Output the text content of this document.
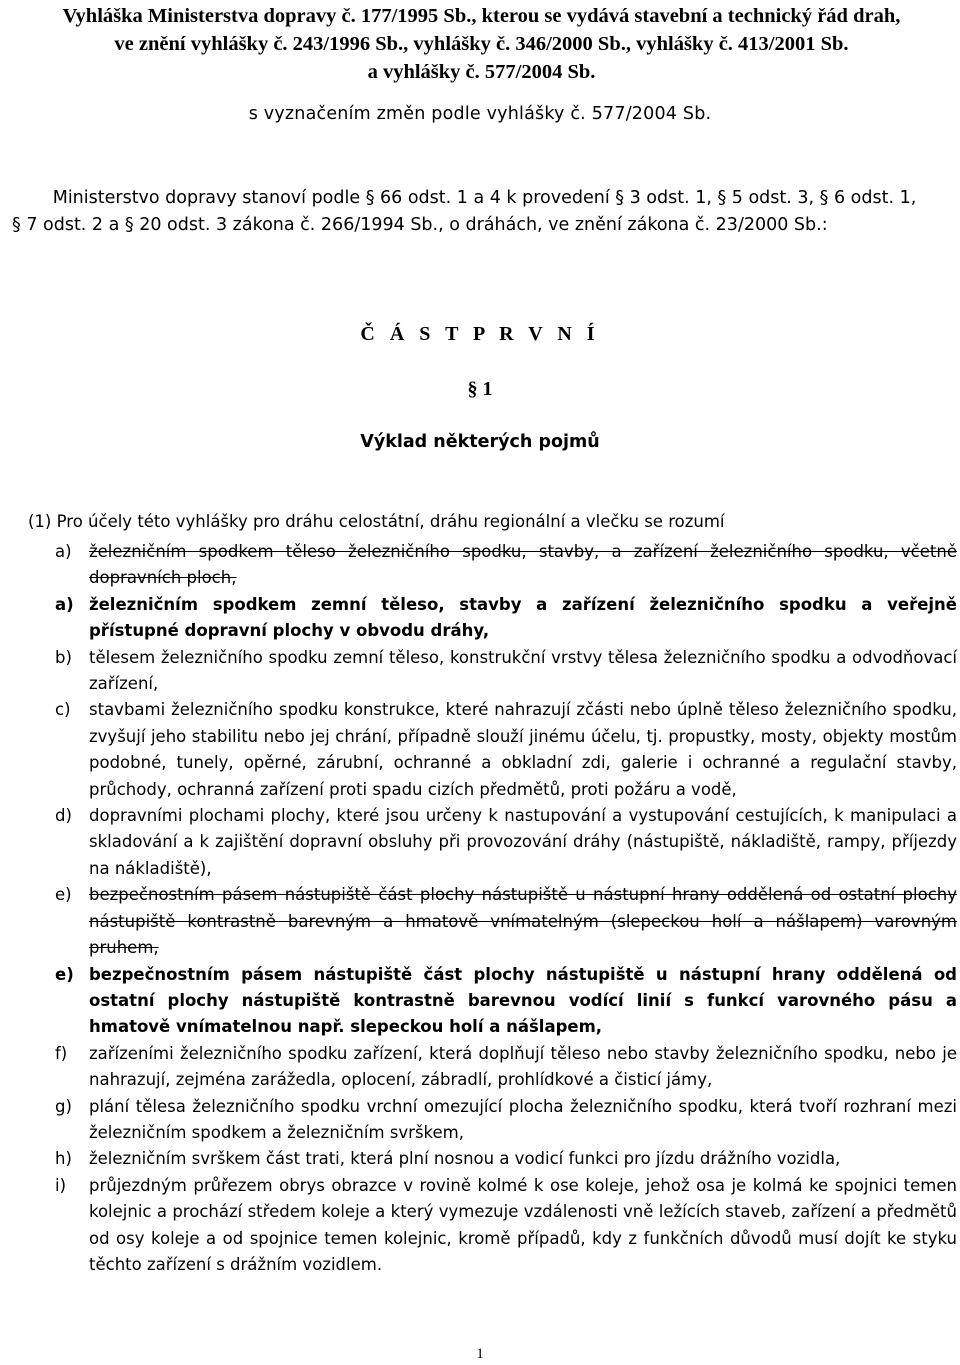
Vyhláška Ministerstva dopravy č. 177/1995 Sb., kterou se vydává stavební a technický řád drah,
ve znění vyhlášky č. 243/1996 Sb., vyhlášky č. 346/2000 Sb., vyhlášky č. 413/2001 Sb.
a vyhlášky č. 577/2004 Sb.
s vyznačením změn podle vyhlášky č. 577/2004 Sb.
Ministerstvo dopravy stanoví podle § 66 odst. 1 a 4 k provedení § 3 odst. 1, § 5 odst. 3, § 6 odst. 1,
§ 7 odst. 2 a § 20 odst. 3 zákona č. 266/1994 Sb., o dráhách, ve znění zákona č. 23/2000 Sb.:
Č Á S T P R V N Í
§ 1
Výklad některých pojmů
(1) Pro účely této vyhlášky pro dráhu celostátní, dráhu regionální a vlečku se rozumí
a)	železničním spodkem těleso železničního spodku, stavby, a zařízení železničního spodku, včetně dopravních ploch,
a) železničním spodkem zemní těleso, stavby a zařízení železničního spodku a veřejně přístupné dopravní plochy v obvodu dráhy,
b)	tělesem železničního spodku zemní těleso, konstrukční vrstvy tělesa železničního spodku a odvodňovací zařízení,
c)	stavbami železničního spodku konstrukce, které nahrazují zčásti nebo úplně těleso železničního spodku, zvyšují jeho stabilitu nebo jej chrání, případně slouží jinému účelu, tj. propustky, mosty, objekty mostům podobné, tunely, opěrné, zárubní, ochranné a obkladní zdi, galerie i ochranné a regulační stavby, průchody, ochranná zařízení proti spadu cizích předmětů, proti požáru a vodě,
d)	dopravními plochami plochy, které jsou určeny k nastupování a vystupování cestujících, k manipulaci a skladování a k zajištění dopravní obsluhy při provozování dráhy (nástupiště, nákladiště, rampy, příjezdy na nákladiště),
e)	bezpečnostním pásem nástupiště část plochy nástupiště u nástupní hrany oddělená od ostatní plochy nástupiště kontrastně barevným a hmatově vnímatelným (slepeckou holí a nášlapem) varovným pruhem,
e) bezpečnostním pásem nástupiště část plochy nástupiště u nástupní hrany oddělená od ostatní plochy nástupiště kontrastně barevnou vodící linií s funkcí varovného pásu a hmatově vnímatelnou např. slepeckou holí a nášlapem,
f)	zařízeními železničního spodku zařízení, která doplňují těleso nebo stavby železničního spodku, nebo je nahrazují, zejména zarážedla, oplocení, zábradlí, prohlídkové a čisticí jámy,
g)	plání tělesa železničního spodku vrchní omezující plocha železničního spodku, která tvoří rozhraní mezi železničním spodkem a železničním svrškem,
h)	železničním svrškem část trati, která plní nosnou a vodicí funkci pro jízdu drážního vozidla,
i)	průjezdným průřezem obrys obrazce v rovině kolmé k ose koleje, jehož osa je kolmá ke spojnici temen kolejnic a prochází středem koleje a který vymezuje vzdálenosti vně ležících staveb, zařízení a předmětů od osy koleje a od spojnice temen kolejnic, kromě případů, kdy z funkčních důvodů musí dojít ke styku těchto zařízení s drážním vozidlem.
1
